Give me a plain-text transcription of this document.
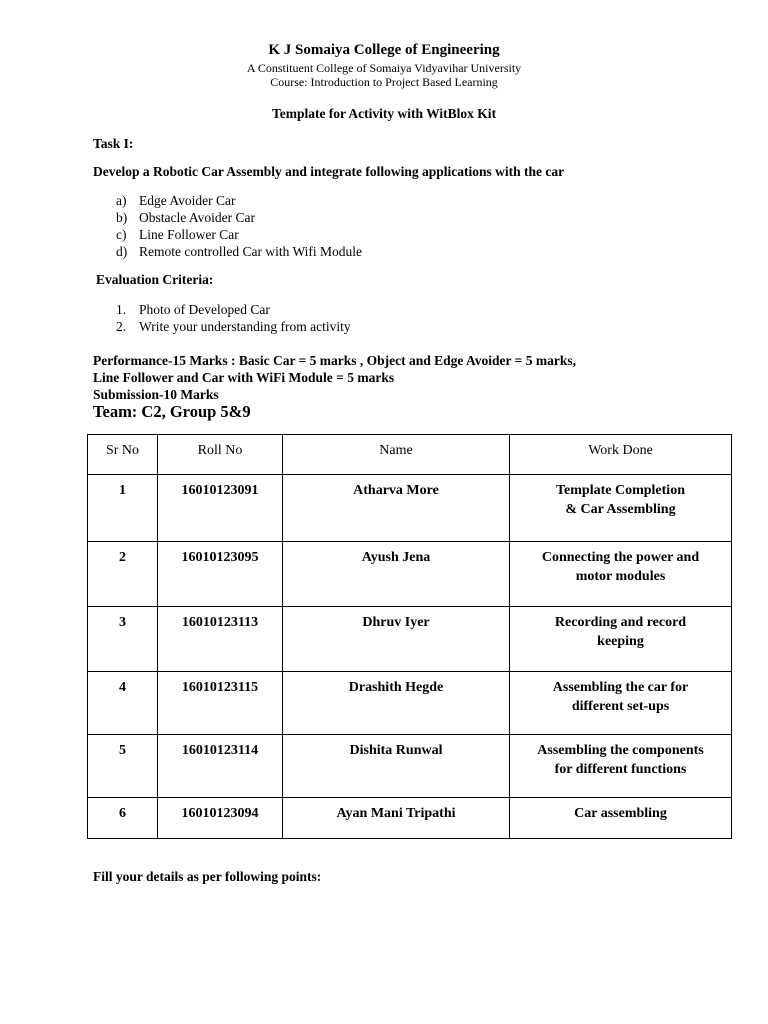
K J Somaiya College of Engineering
A Constituent College of Somaiya Vidyavihar University
Course: Introduction to Project Based Learning
Template for Activity with WitBlox Kit
Task I:
Develop a Robotic Car Assembly and integrate following applications with the car
a) Edge Avoider Car
b) Obstacle Avoider Car
c) Line Follower Car
d) Remote controlled Car with Wifi Module
Evaluation Criteria:
1. Photo of Developed Car
2. Write your understanding from activity
Performance-15 Marks : Basic Car = 5 marks , Object and Edge Avoider = 5 marks,
Line Follower and Car with WiFi Module = 5 marks
Submission-10 Marks
Team: C2, Group 5&9
Sr No	Roll No	Name	Work Done
1	16010123091	Atharva More	Template Completion
& Car Assembling

2	16010123095	Ayush Jena	Connecting the power and
motor modules

3	16010123113	Dhruv Iyer	Recording and record
keeping

4	16010123115	Drashith Hegde	Assembling the car for
different set-ups

5	16010123114	Dishita Runwal	Assembling the components
for different functions

6	16010123094	Ayan Mani Tripathi	Car assembling
Fill your details as per following points:
